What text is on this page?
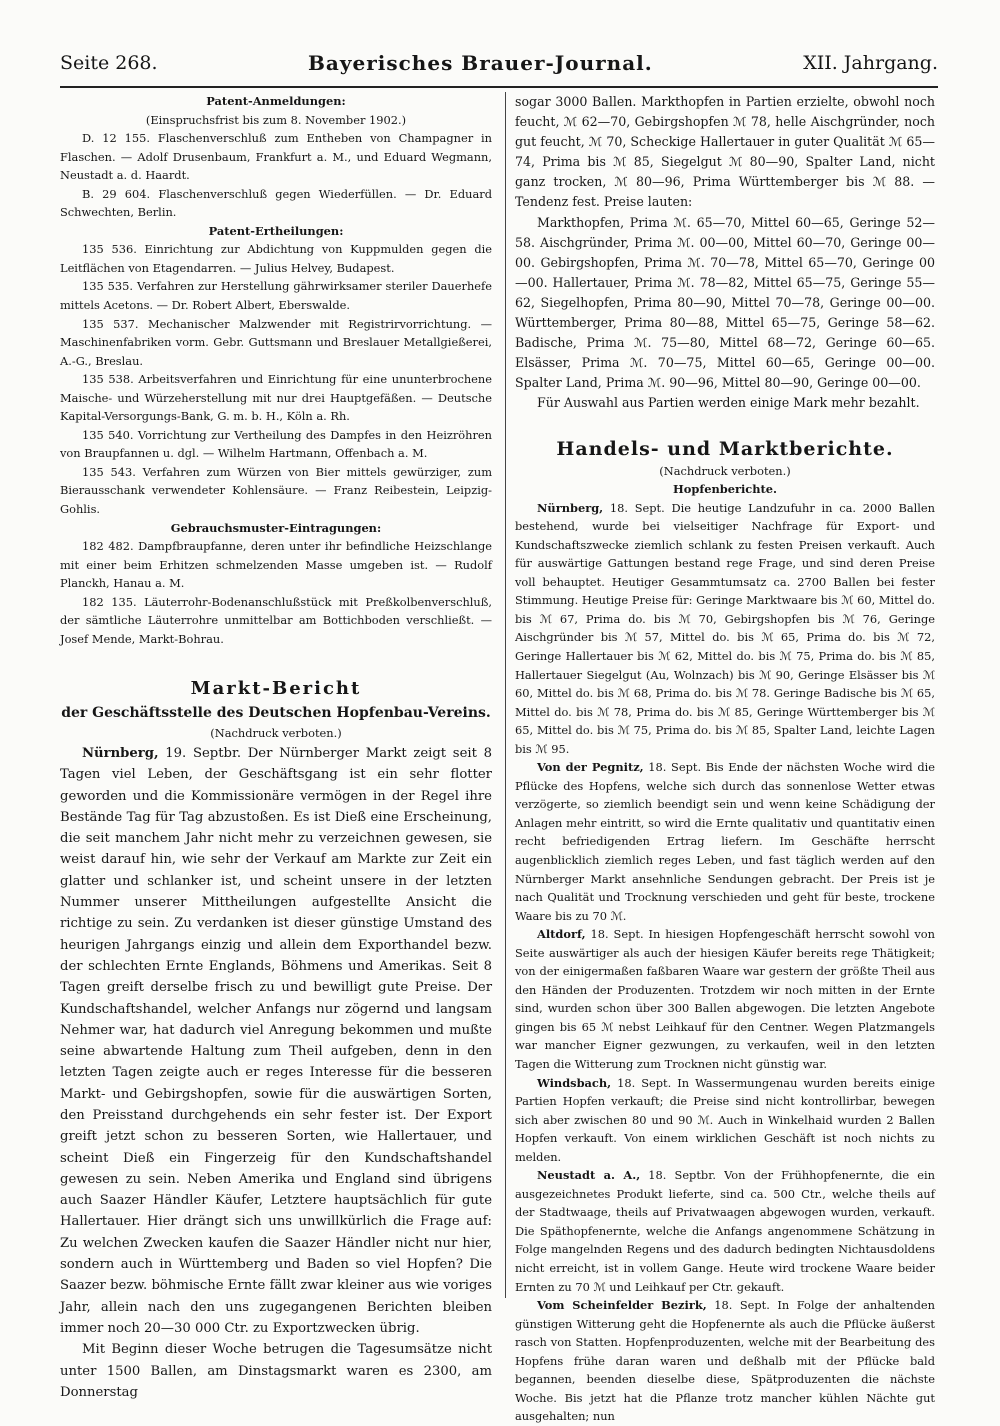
Seite 268.	Bayerisches Brauer-Journal.	XII. Jahrgang.

Patent-Anmeldungen:

(Einspruchsfrist bis zum 8. November 1902.)

D. 12 155. Flaschenverschluß zum Entheben von Champagner in Flaschen. — Adolf Drusenbaum, Frankfurt a. M., und Eduard Wegmann, Neustadt a. d. Haardt.

B. 29 604. Flaschenverschluß gegen Wiederfüllen. — Dr. Eduard Schwechten, Berlin.

Patent-Ertheilungen:

135 536. Einrichtung zur Abdichtung von Kuppmulden gegen die Leitflächen von Etagendarren. — Julius Helvey, Budapest.

135 535. Verfahren zur Herstellung gährwirksamer steriler Dauerhefe mittels Acetons. — Dr. Robert Albert, Eberswalde.

135 537. Mechanischer Malzwender mit Registrirvorrichtung. — Maschinenfabriken vorm. Gebr. Guttsmann und Breslauer Metallgießerei, A.-G., Breslau.

135 538. Arbeitsverfahren und Einrichtung für eine ununterbrochene Maische- und Würzeherstellung mit nur drei Hauptgefäßen. — Deutsche Kapital-Versorgungs-Bank, G. m. b. H., Köln a. Rh.

135 540. Vorrichtung zur Vertheilung des Dampfes in den Heizröhren von Braupfannen u. dgl. — Wilhelm Hartmann, Offenbach a. M.

135 543. Verfahren zum Würzen von Bier mittels gewürziger, zum Bierausschank verwendeter Kohlensäure. — Franz Reibestein, Leipzig-Gohlis.

Gebrauchsmuster-Eintragungen:

182 482. Dampfbraupfanne, deren unter ihr befindliche Heizschlange mit einer beim Erhitzen schmelzenden Masse umgeben ist. — Rudolf Planckh, Hanau a. M.

182 135. Läuterrohr-Bodenanschlußstück mit Preßkolbenverschluß, der sämtliche Läuterrohre unmittelbar am Bottichboden verschließt. — Josef Mende, Markt-Bohrau.

Markt-Bericht

der Geschäftsstelle des Deutschen Hopfenbau-Vereins.

(Nachdruck verboten.)

Nürnberg, 19. Septbr. Der Nürnberger Markt zeigt seit 8 Tagen viel Leben, der Geschäftsgang ist ein sehr flotter geworden und die Kommissionäre vermögen in der Regel ihre Bestände Tag für Tag abzustoßen. Es ist Dieß eine Erscheinung, die seit manchem Jahr nicht mehr zu verzeichnen gewesen, sie weist darauf hin, wie sehr der Verkauf am Markte zur Zeit ein glatter und schlanker ist, und scheint unsere in der letzten Nummer unserer Mittheilungen aufgestellte Ansicht die richtige zu sein. Zu verdanken ist dieser günstige Umstand des heurigen Jahrgangs einzig und allein dem Exporthandel bezw. der schlechten Ernte Englands, Böhmens und Amerikas. Seit 8 Tagen greift derselbe frisch zu und bewilligt gute Preise. Der Kundschaftshandel, welcher Anfangs nur zögernd und langsam Nehmer war, hat dadurch viel Anregung bekommen und mußte seine abwartende Haltung zum Theil aufgeben, denn in den letzten Tagen zeigte auch er reges Interesse für die besseren Markt- und Gebirgshopfen, sowie für die auswärtigen Sorten, den Preisstand durchgehends ein sehr fester ist. Der Export greift jetzt schon zu besseren Sorten, wie Hallertauer, und scheint Dieß ein Fingerzeig für den Kundschaftshandel gewesen zu sein. Neben Amerika und England sind übrigens auch Saazer Händler Käufer, Letztere hauptsächlich für gute Hallertauer. Hier drängt sich uns unwillkürlich die Frage auf: Zu welchen Zwecken kaufen die Saazer Händler nicht nur hier, sondern auch in Württemberg und Baden so viel Hopfen? Die Saazer bezw. böhmische Ernte fällt zwar kleiner aus wie voriges Jahr, allein nach den uns zugegangenen Berichten bleiben immer noch 20—30 000 Ctr. zu Exportzwecken übrig.

Mit Beginn dieser Woche betrugen die Tagesumsätze nicht unter 1500 Ballen, am Dinstagsmarkt waren es 2300, am Donnerstag

sogar 3000 Ballen. Markthopfen in Partien erzielte, obwohl noch feucht, ℳ 62—70, Gebirgshopfen ℳ 78, helle Aischgründer, noch gut feucht, ℳ 70, Scheckige Hallertauer in guter Qualität ℳ 65—74, Prima bis ℳ 85, Siegelgut ℳ 80—90, Spalter Land, nicht ganz trocken, ℳ 80—96, Prima Württemberger bis ℳ 88. — Tendenz fest. Preise lauten:

Markthopfen, Prima ℳ. 65—70, Mittel 60—65, Geringe 52—58. Aischgründer, Prima ℳ. 00—00, Mittel 60—70, Geringe 00—00. Gebirgshopfen, Prima ℳ. 70—78, Mittel 65—70, Geringe 00—00. Hallertauer, Prima ℳ. 78—82, Mittel 65—75, Geringe 55—62, Siegelhopfen, Prima 80—90, Mittel 70—78, Geringe 00—00. Württemberger, Prima 80—88, Mittel 65—75, Geringe 58—62. Badische, Prima ℳ. 75—80, Mittel 68—72, Geringe 60—65. Elsässer, Prima ℳ. 70—75, Mittel 60—65, Geringe 00—00. Spalter Land, Prima ℳ. 90—96, Mittel 80—90, Geringe 00—00.

Für Auswahl aus Partien werden einige Mark mehr bezahlt.

Handels- und Marktberichte.

(Nachdruck verboten.)

Hopfenberichte.

Nürnberg, 18. Sept. Die heutige Landzufuhr in ca. 2000 Ballen bestehend, wurde bei vielseitiger Nachfrage für Export- und Kundschaftszwecke ziemlich schlank zu festen Preisen verkauft. Auch für auswärtige Gattungen bestand rege Frage, und sind deren Preise voll behauptet. Heutiger Gesammtumsatz ca. 2700 Ballen bei fester Stimmung. Heutige Preise für: Geringe Marktwaare bis ℳ 60, Mittel do. bis ℳ 67, Prima do. bis ℳ 70, Gebirgshopfen bis ℳ 76, Geringe Aischgründer bis ℳ 57, Mittel do. bis ℳ 65, Prima do. bis ℳ 72, Geringe Hallertauer bis ℳ 62, Mittel do. bis ℳ 75, Prima do. bis ℳ 85, Hallertauer Siegelgut (Au, Wolnzach) bis ℳ 90, Geringe Elsässer bis ℳ 60, Mittel do. bis ℳ 68, Prima do. bis ℳ 78. Geringe Badische bis ℳ 65, Mittel do. bis ℳ 78, Prima do. bis ℳ 85, Geringe Württemberger bis ℳ 65, Mittel do. bis ℳ 75, Prima do. bis ℳ 85, Spalter Land, leichte Lagen bis ℳ 95.

Von der Pegnitz, 18. Sept. Bis Ende der nächsten Woche wird die Pflücke des Hopfens, welche sich durch das sonnenlose Wetter etwas verzögerte, so ziemlich beendigt sein und wenn keine Schädigung der Anlagen mehr eintritt, so wird die Ernte qualitativ und quantitativ einen recht befriedigenden Ertrag liefern. Im Geschäfte herrscht augenblicklich ziemlich reges Leben, und fast täglich werden auf den Nürnberger Markt ansehnliche Sendungen gebracht. Der Preis ist je nach Qualität und Trocknung verschieden und geht für beste, trockene Waare bis zu 70 ℳ.

Altdorf, 18. Sept. In hiesigen Hopfengeschäft herrscht sowohl von Seite auswärtiger als auch der hiesigen Käufer bereits rege Thätigkeit; von der einigermaßen faßbaren Waare war gestern der größte Theil aus den Händen der Produzenten. Trotzdem wir noch mitten in der Ernte sind, wurden schon über 300 Ballen abgewogen. Die letzten Angebote gingen bis 65 ℳ nebst Leihkauf für den Centner. Wegen Platzmangels war mancher Eigner gezwungen, zu verkaufen, weil in den letzten Tagen die Witterung zum Trocknen nicht günstig war.

Windsbach, 18. Sept. In Wassermungenau wurden bereits einige Partien Hopfen verkauft; die Preise sind nicht kontrollirbar, bewegen sich aber zwischen 80 und 90 ℳ. Auch in Winkelhaid wurden 2 Ballen Hopfen verkauft. Von einem wirklichen Geschäft ist noch nichts zu melden.

Neustadt a. A., 18. Septbr. Von der Frühhopfenernte, die ein ausgezeichnetes Produkt lieferte, sind ca. 500 Ctr., welche theils auf der Stadtwaage, theils auf Privatwaagen abgewogen wurden, verkauft. Die Späthopfenernte, welche die Anfangs angenommene Schätzung in Folge mangelnden Regens und des dadurch bedingten Nichtausdoldens nicht erreicht, ist in vollem Gange. Heute wird trockene Waare beider Ernten zu 70 ℳ und Leihkauf per Ctr. gekauft.

Vom Scheinfelder Bezirk, 18. Sept. In Folge der anhaltenden günstigen Witterung geht die Hopfenernte als auch die Pflücke äußerst rasch von Statten. Hopfenproduzenten, welche mit der Bearbeitung des Hopfens frühe daran waren und deßhalb mit der Pflücke bald begannen, beenden dieselbe diese, Spätproduzenten die nächste Woche. Bis jetzt hat die Pflanze trotz mancher kühlen Nächte gut ausgehalten; nun
